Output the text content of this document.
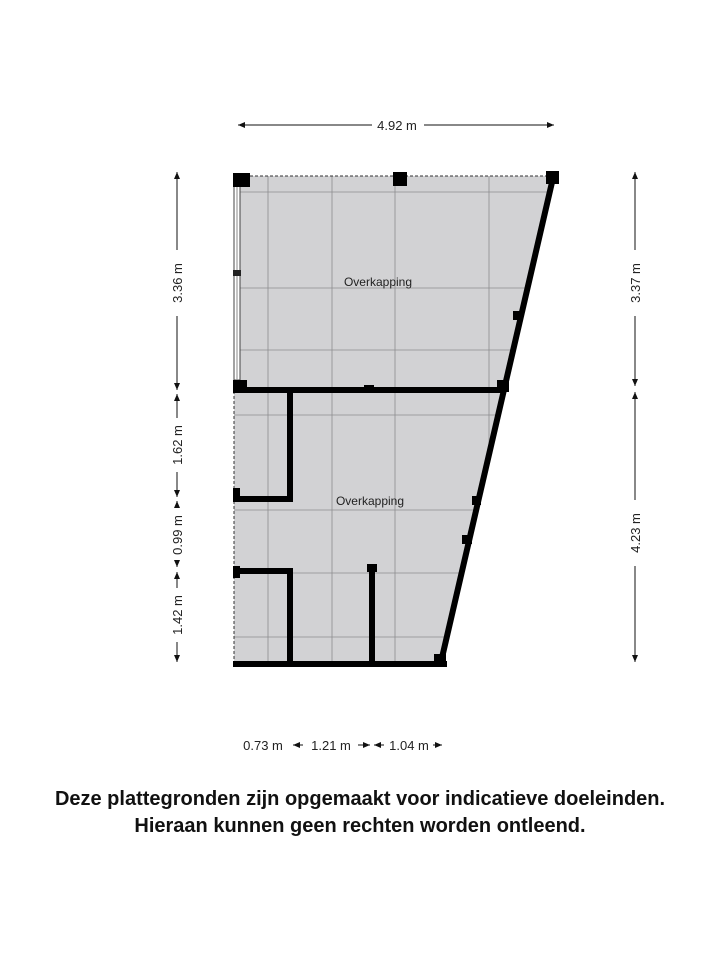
Overkapping
Overkapping
4.92 m
3.36 m
1.62 m
0.99 m
1.42 m
3.37 m
4.23 m
0.73 m 1.21 m	1.04 m
Deze plattegronden zijn opgemaakt voor indicatieve doeleinden.
Hieraan kunnen geen rechten worden ontleend.
